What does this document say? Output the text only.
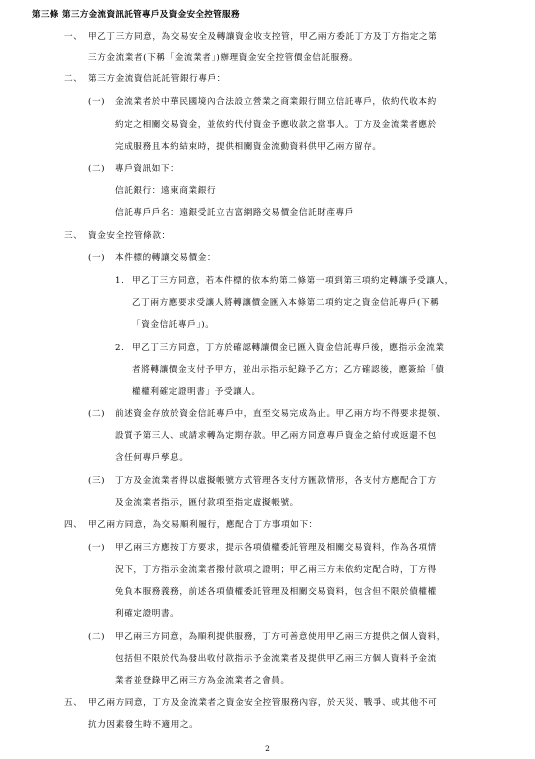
第三條 第三方金流資訊託管專戶及資金安全控管服務
一、 甲乙丁三方同意，為交易安全及轉讓資金收支控管，甲乙兩方委託丁方及丁方指定之第
三方金流業者(下稱「金流業者」)辦理資金安全控管價金信託服務。
二、 第三方金流資信託託管銀行專戶：
(一) 金流業者於中華民國境內合法設立營業之商業銀行開立信託專戶，依約代收本約
約定之相關交易資金，並依約代付資金予應收款之當事人。丁方及金流業者應於
完成服務且本約結束時，提供相關資金流動資料供甲乙兩方留存。
(二) 專戶資訊如下：
信託銀行：遠東商業銀行
信託專戶戶名：遠銀受託立吉富網路交易價金信託財產專戶
三、 資金安全控管條款：
(一) 本件標的轉讓交易價金：
1. 甲乙丁三方同意，若本件標的依本約第二條第一項到第三項約定轉讓予受讓人，
乙丁兩方應要求受讓人將轉讓價金匯入本條第二項約定之資金信託專戶(下稱
「資金信託專戶」)。
2. 甲乙丁三方同意，丁方於確認轉讓價金已匯入資金信託專戶後，應指示金流業
者將轉讓價金支付予甲方，並出示指示紀錄予乙方；乙方確認後，應簽給「債
權權利確定證明書」予受讓人。
(二) 前述資金存放於資金信託專戶中，直至交易完成為止。甲乙兩方均不得要求提領、
設質予第三人、或請求轉為定期存款。甲乙兩方同意專戶資金之給付或返還不包
含任何專戶孳息。
(三) 丁方及金流業者得以虛擬帳號方式管理各支付方匯款情形，各支付方應配合丁方
及金流業者指示，匯付款項至指定虛擬帳號。
四、 甲乙兩方同意，為交易順利履行，應配合丁方事項如下：
(一) 甲乙兩三方應按丁方要求，提示各項債權委託管理及相關交易資料，作為各項情
況下，丁方指示金流業者撥付款項之證明；甲乙兩三方未依約定配合時，丁方得
免負本服務義務，前述各項債權委託管理及相關交易資料，包含但不限於債權權
利確定證明書。
(二) 甲乙兩三方同意，為順利提供服務，丁方可善意使用甲乙兩三方提供之個人資料，
包括但不限於代為發出收付款指示予金流業者及提供甲乙兩三方個人資料予金流
業者並登錄甲乙兩三方為金流業者之會員。
五、 甲乙兩方同意，丁方及金流業者之資金安全控管服務內容，於天災、戰爭、或其他不可
抗力因素發生時不適用之。
2
